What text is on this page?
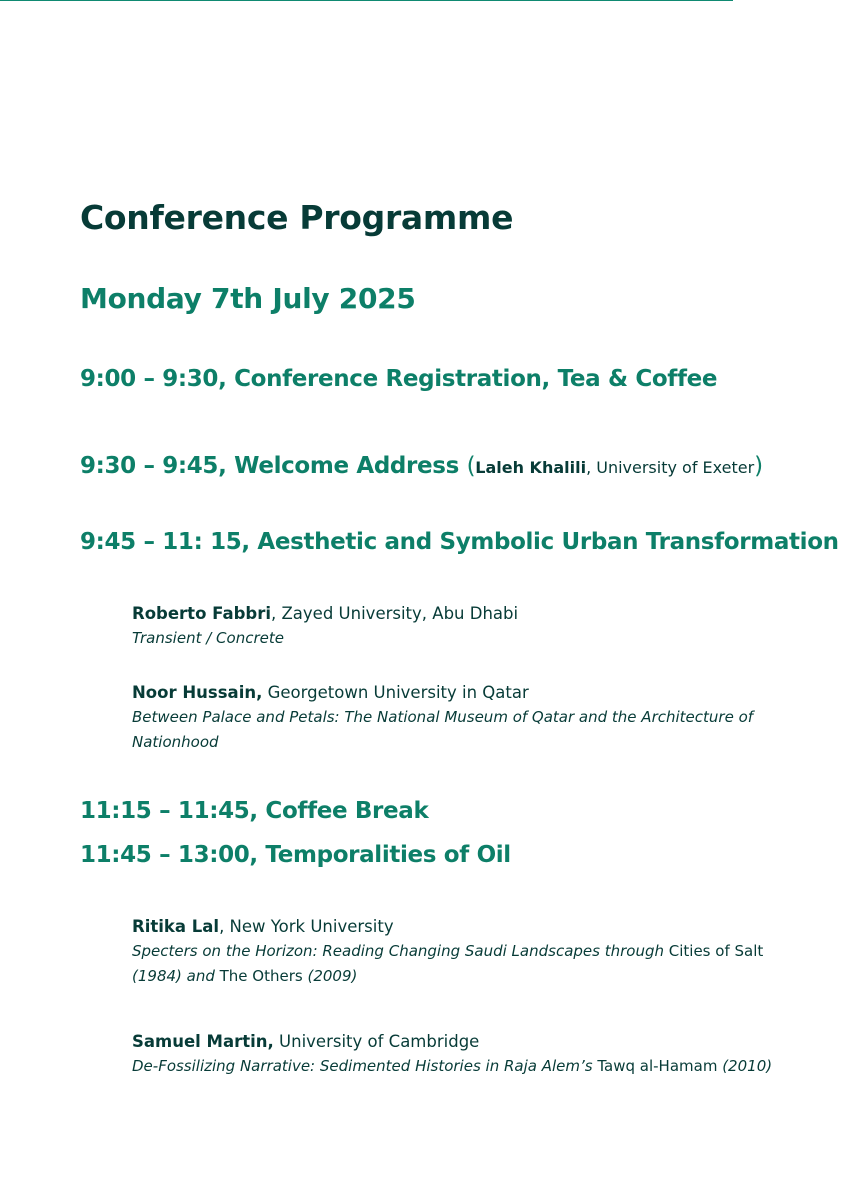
Conference Programme
Monday 7th July 2025
9:00 – 9:30, Conference Registration, Tea & Coffee
9:30 – 9:45, Welcome Address (Laleh Khalili, University of Exeter)
9:45 – 11: 15, Aesthetic and Symbolic Urban Transformation
Roberto Fabbri, Zayed University, Abu Dhabi
Transient / Concrete
Noor Hussain, Georgetown University in Qatar
Between Palace and Petals: The National Museum of Qatar and the Architecture of Nationhood
11:15 – 11:45, Coffee Break
11:45 – 13:00, Temporalities of Oil
Ritika Lal, New York University
Specters on the Horizon: Reading Changing Saudi Landscapes through Cities of Salt (1984) and The Others (2009)
Samuel Martin, University of Cambridge
De-Fossilizing Narrative: Sedimented Histories in Raja Alem’s Tawq al-Hamam (2010)
